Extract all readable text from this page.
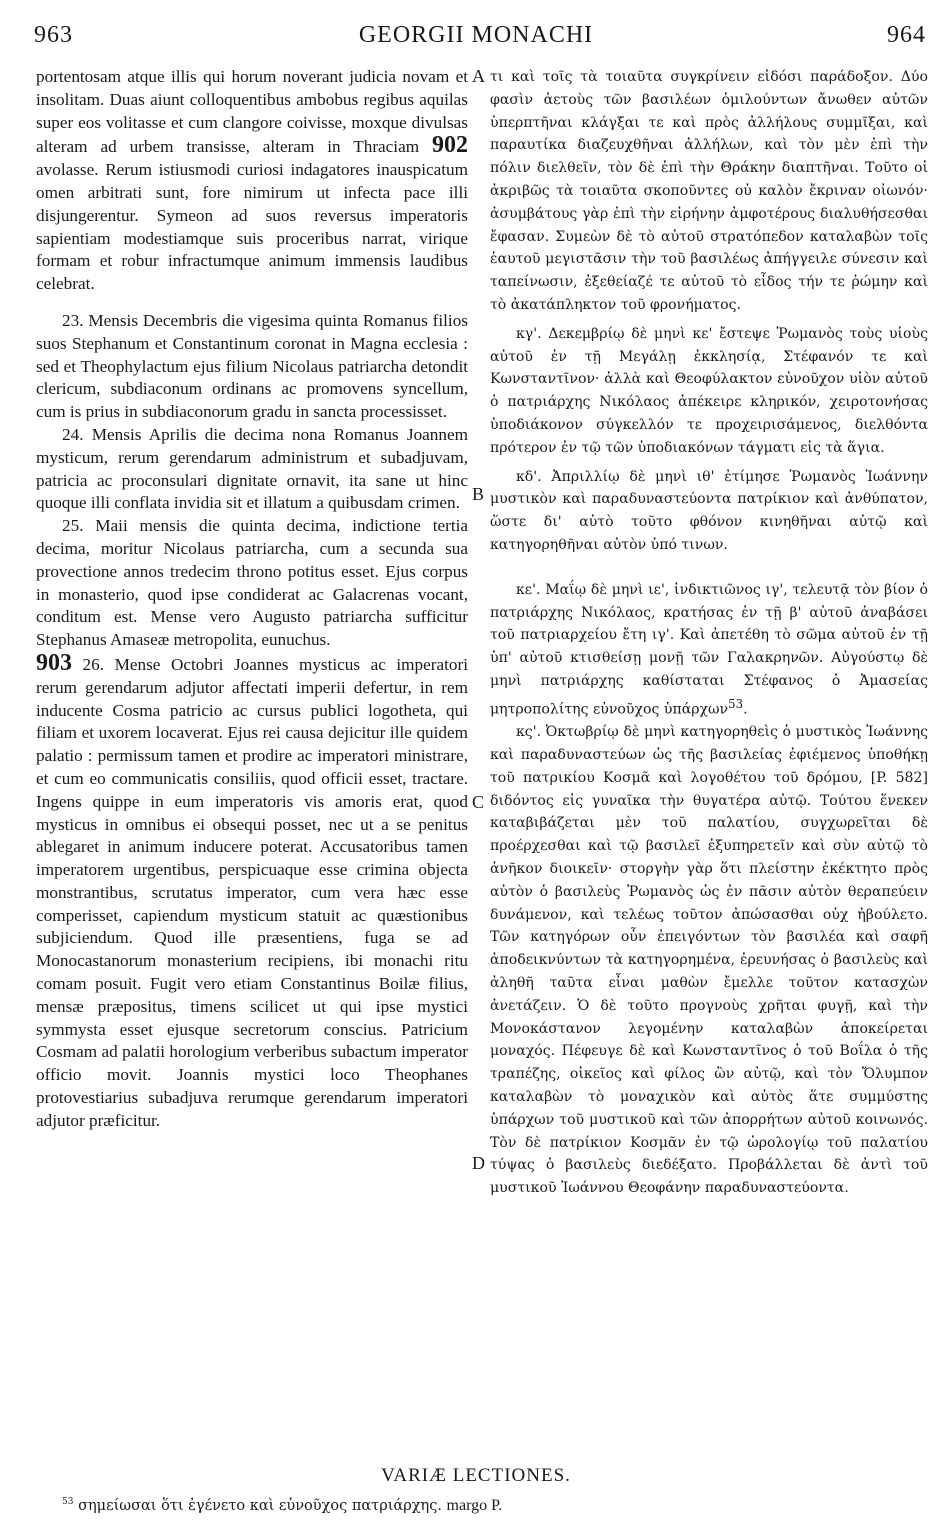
963	GEORGII MONACHI	964

portentosam atque illis qui horum noverant judicia novam et insolitam. Duas aiunt colloquentibus ambobus regibus aquilas super eos volitasse et cum clangore coivisse, moxque divulsas alteram ad urbem transisse, alteram in Thraciam 902 avolasse. Rerum istiusmodi curiosi indagatores inauspicatum omen arbitrati sunt, fore nimirum ut infecta pace illi disjungerentur. Symeon ad suos reversus imperatoris sapientiam modestiamque suis proceribus narrat, virique formam et robur infractumque animum immensis laudibus celebrat.

23. Mensis Decembris die vigesima quinta Romanus filios suos Stephanum et Constantinum coronat in Magna ecclesia : sed et Theophylactum ejus filium Nicolaus patriarcha detondit clericum, subdiaconum ordinans ac promovens syncellum, cum is prius in subdiaconorum gradu in sancta processisset.

24. Mensis Aprilis die decima nona Romanus Joannem mysticum, rerum gerendarum administrum et subadjuvam, patricia ac proconsulari dignitate ornavit, ita sane ut hinc quoque illi conflata invidia sit et illatum a quibusdam crimen.

25. Maii mensis die quinta decima, indictione tertia decima, moritur Nicolaus patriarcha, cum a secunda sua provectione annos tredecim throno potitus esset. Ejus corpus in monasterio, quod ipse condiderat ac Galacrenas vocant, conditum est. Mense vero Augusto patriarcha sufficitur Stephanus Amaseæ metropolita, eunuchus.

903 26. Mense Octobri Joannes mysticus ac imperatori rerum gerendarum adjutor affectati imperii defertur, in rem inducente Cosma patricio ac cursus publici logotheta, qui filiam et uxorem locaverat. Ejus rei causa dejicitur ille quidem palatio : permissum tamen et prodire ac imperatori ministrare, et cum eo communicatis consiliis, quod officii esset, tractare. Ingens quippe in eum imperatoris vis amoris erat, quod mysticus in omnibus ei obsequi posset, nec ut a se penitus ablegaret in animum inducere poterat. Accusatoribus tamen imperatorem urgentibus, perspicuaque esse crimina objecta monstrantibus, scrutatus imperator, cum vera hæc esse comperisset, capiendum mysticum statuit ac quæstionibus subjiciendum. Quod ille præsentiens, fuga se ad Monocastanorum monasterium recipiens, ibi monachi ritu comam posuit. Fugit vero etiam Constantinus Boilæ filius, mensæ præpositus, timens scilicet ut qui ipse mystici symmysta esset ejusque secretorum conscius. Patricium Cosmam ad palatii horologium verberibus subactum imperator officio movit. Joannis mystici loco Theophanes protovestiarius subadjuva rerumque gerendarum imperatori adjutor præficitur.

A
B
C
D

τι καὶ τοῖς τὰ τοιαῦτα συγκρίνειν εἰδόσι παράδοξον. Δύο φασὶν ἀετοὺς τῶν βασιλέων ὁμιλούντων ἄνωθεν αὐτῶν ὑπερπτῆναι κλάγξαι τε καὶ πρὸς ἀλλήλους συμμῖξαι, καὶ παραυτίκα διαζευχθῆναι ἀλλήλων, καὶ τὸν μὲν ἐπὶ τὴν πόλιν διελθεῖν, τὸν δὲ ἐπὶ τὴν Θράκην διαπτῆναι. Τοῦτο οἱ ἀκριβῶς τὰ τοιαῦτα σκοποῦντες οὐ καλὸν ἔκριναν οἰωνόν· ἀσυμβάτους γὰρ ἐπὶ τὴν εἰρήνην ἀμφοτέρους διαλυθήσεσθαι ἔφασαν. Συμεὼν δὲ τὸ αὐτοῦ στρατόπεδον καταλαβὼν τοῖς ἑαυτοῦ μεγιστᾶσιν τὴν τοῦ βασιλέως ἀπήγγειλε σύνεσιν καὶ ταπείνωσιν, ἐξεθείαζέ τε αὐτοῦ τὸ εἶδος τήν τε ῥώμην καὶ τὸ ἀκατάπληκτον τοῦ φρονήματος.

κγ'. Δεκεμβρίῳ δὲ μηνὶ κε' ἔστεψε Ῥωμανὸς τοὺς υἱοὺς αὐτοῦ ἐν τῇ Μεγάλῃ ἐκκλησίᾳ, Στέφανόν τε καὶ Κωνσταντῖνον· ἀλλὰ καὶ Θεοφύλακτον εὐνοῦχον υἱὸν αὐτοῦ ὁ πατριάρχης Νικόλαος ἀπέκειρε κληρικόν, χειροτονήσας ὑποδιάκονον σύγκελλόν τε προχειρισάμενος, διελθόντα πρότερον ἐν τῷ τῶν ὑποδιακόνων τάγματι εἰς τὰ ἅγια.

κδ'. Ἀπριλλίῳ δὲ μηνὶ ιθ' ἐτίμησε Ῥωμανὸς Ἰωάννην μυστικὸν καὶ παραδυναστεύοντα πατρίκιον καὶ ἀνθύπατον, ὥστε δι' αὐτὸ τοῦτο φθόνον κινηθῆναι αὐτῷ καὶ κατηγορηθῆναι αὐτὸν ὑπό τινων.

κε'. Μαΐῳ δὲ μηνὶ ιε', ἰνδικτιῶνος ιγ', τελευτᾷ τὸν βίον ὁ πατριάρχης Νικόλαος, κρατήσας ἐν τῇ β' αὐτοῦ ἀναβάσει τοῦ πατριαρχείου ἔτη ιγ'. Καὶ ἀπετέθη τὸ σῶμα αὐτοῦ ἐν τῇ ὑπ' αὐτοῦ κτισθείσῃ μονῇ τῶν Γαλακρηνῶν. Αὐγούστῳ δὲ μηνὶ πατριάρχης καθίσταται Στέφανος ὁ Ἀμασείας μητροπολίτης εὐνοῦχος ὑπάρχων$^{53}$.

κς'. Ὀκτωβρίῳ δὲ μηνὶ κατηγορηθεὶς ὁ μυστικὸς Ἰωάννης καὶ παραδυναστεύων ὡς τῆς βασιλείας ἐφιέμενος ὑποθήκῃ τοῦ πατρικίου Κοσμᾶ καὶ λογοθέτου τοῦ δρόμου, [P. 582] διδόντος εἰς γυναῖκα τὴν θυγατέρα αὐτῷ. Τούτου ἕνεκεν καταβιβάζεται μὲν τοῦ παλατίου, συγχωρεῖται δὲ προέρχεσθαι καὶ τῷ βασιλεῖ ἐξυπηρετεῖν καὶ σὺν αὐτῷ τὸ ἀνῆκον διοικεῖν· στοργὴν γὰρ ὅτι πλείστην ἐκέκτητο πρὸς αὐτὸν ὁ βασιλεὺς Ῥωμανὸς ὡς ἐν πᾶσιν αὐτὸν θεραπεύειν δυνάμενον, καὶ τελέως τοῦτον ἀπώσασθαι οὐχ ἠβούλετο. Τῶν κατηγόρων οὖν ἐπειγόντων τὸν βασιλέα καὶ σαφῆ ἀποδεικνύντων τὰ κατηγορημένα, ἐρευνήσας ὁ βασιλεὺς καὶ ἀληθῆ ταῦτα εἶναι μαθὼν ἔμελλε τοῦτον κατασχὼν ἀνετάζειν. Ὁ δὲ τοῦτο προγνοὺς χρῆται φυγῇ, καὶ τὴν Μονοκάστανον λεγομένην καταλαβὼν ἀποκείρεται μοναχός. Πέφευγε δὲ καὶ Κωνσταντῖνος ὁ τοῦ Βοΐλα ὁ τῆς τραπέζης, οἰκεῖος καὶ φίλος ὢν αὐτῷ, καὶ τὸν Ὄλυμπον καταλαβὼν τὸ μοναχικὸν καὶ αὐτὸς ἅτε συμμύστης ὑπάρχων τοῦ μυστικοῦ καὶ τῶν ἀπορρήτων αὐτοῦ κοινωνός. Τὸν δὲ πατρίκιον Κοσμᾶν ἐν τῷ ὡρολογίῳ τοῦ παλατίου τύψας ὁ βασιλεὺς διεδέξατο. Προβάλλεται δὲ ἀντὶ τοῦ μυστικοῦ Ἰωάννου Θεοφάνην παραδυναστεύοντα.

VARIÆ LECTIONES.
$^{53}$ σημείωσαι ὅτι ἐγένετο καὶ εὐνοῦχος πατριάρχης. margo P.
